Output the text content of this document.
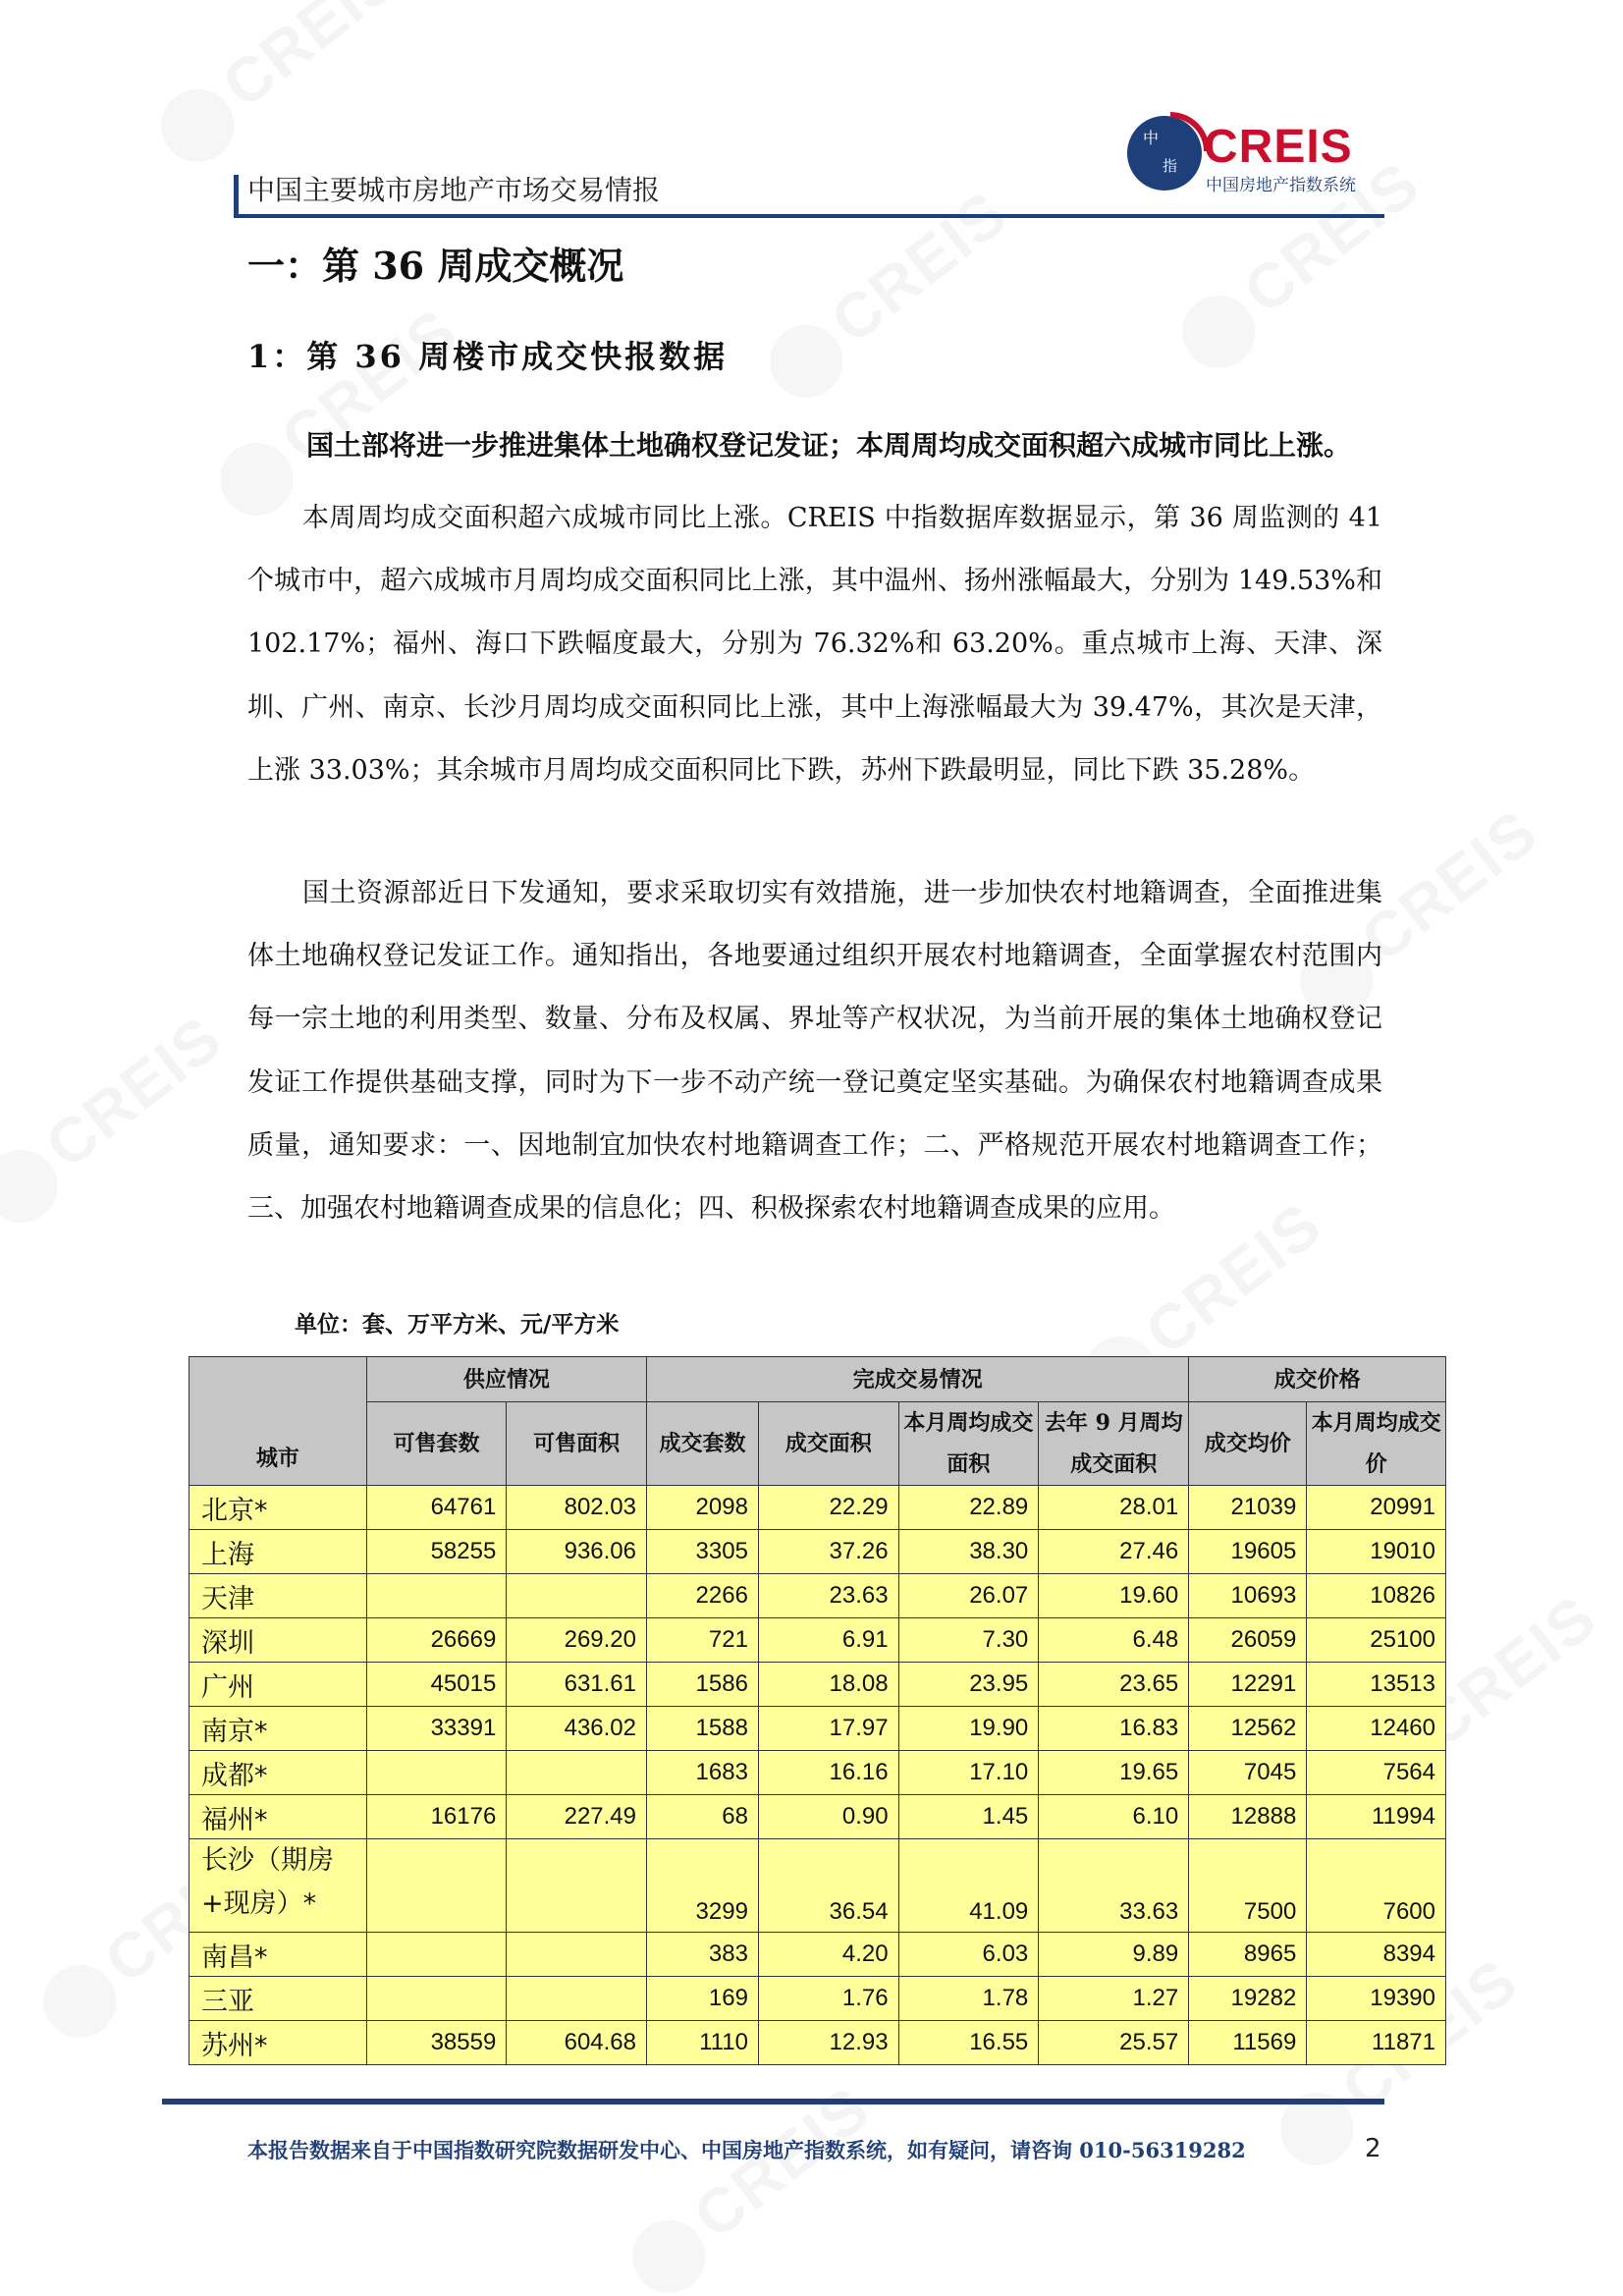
中
指 CREIS
中国房地产指数系统
中国主要城市房地产市场交易情报
一：第 36 周成交概况
1：第 36 周楼市成交快报数据
国土部将进一步推进集体土地确权登记发证；本周周均成交面积超六成城市同比上涨。

本周周均成交面积超六成城市同比上涨。CREIS 中指数据库数据显示，第 36 周监测的 41 个城市中，超六成城市月周均成交面积同比上涨，其中温州、扬州涨幅最大，分别为 149.53%和 102.17%；福州、海口下跌幅度最大，分别为 76.32%和 63.20%。重点城市上海、天津、深圳、广州、南京、长沙月周均成交面积同比上涨，其中上海涨幅最大为 39.47%，其次是天津，上涨 33.03%；其余城市月周均成交面积同比下跌，苏州下跌最明显，同比下跌 35.28%。

国土资源部近日下发通知，要求采取切实有效措施，进一步加快农村地籍调查，全面推进集体土地确权登记发证工作。通知指出，各地要通过组织开展农村地籍调查，全面掌握农村范围内每一宗土地的利用类型、数量、分布及权属、界址等产权状况，为当前开展的集体土地确权登记发证工作提供基础支撑，同时为下一步不动产统一登记奠定坚实基础。为确保农村地籍调查成果质量，通知要求：一、因地制宜加快农村地籍调查工作；二、严格规范开展农村地籍调查工作；三、加强农村地籍调查成果的信息化；四、积极探索农村地籍调查成果的应用。

单位：套、万平方米、元/平方米
城市	供应情况		完成交易情况				成交价格	
	可售套数	可售面积	成交套数	成交面积	本月周均成交面积	去年 9 月周均成交面积	成交均价	本月周均成交价
北京*	64761	802.03	2098	22.29	22.89	28.01	21039	20991
上海	58255	936.06	3305	37.26	38.30	27.46	19605	19010
天津			2266	23.63	26.07	19.60	10693	10826
深圳	26669	269.20	721	6.91	7.30	6.48	26059	25100
广州	45015	631.61	1586	18.08	23.95	23.65	12291	13513
南京*	33391	436.02	1588	17.97	19.90	16.83	12562	12460
成都*			1683	16.16	17.10	19.65	7045	7564
福州*	16176	227.49	68	0.90	1.45	6.10	12888	11994
长沙（期房+现房）*			3299	36.54	41.09	33.63	7500	7600
南昌*			383	4.20	6.03	9.89	8965	8394
三亚			169	1.76	1.78	1.27	19282	19390
苏州*	38559	604.68	1110	12.93	16.55	25.57	11569	11871
本报告数据来自于中国指数研究院数据研发中心、中国房地产指数系统，如有疑问，请咨询 010-56319282	2
